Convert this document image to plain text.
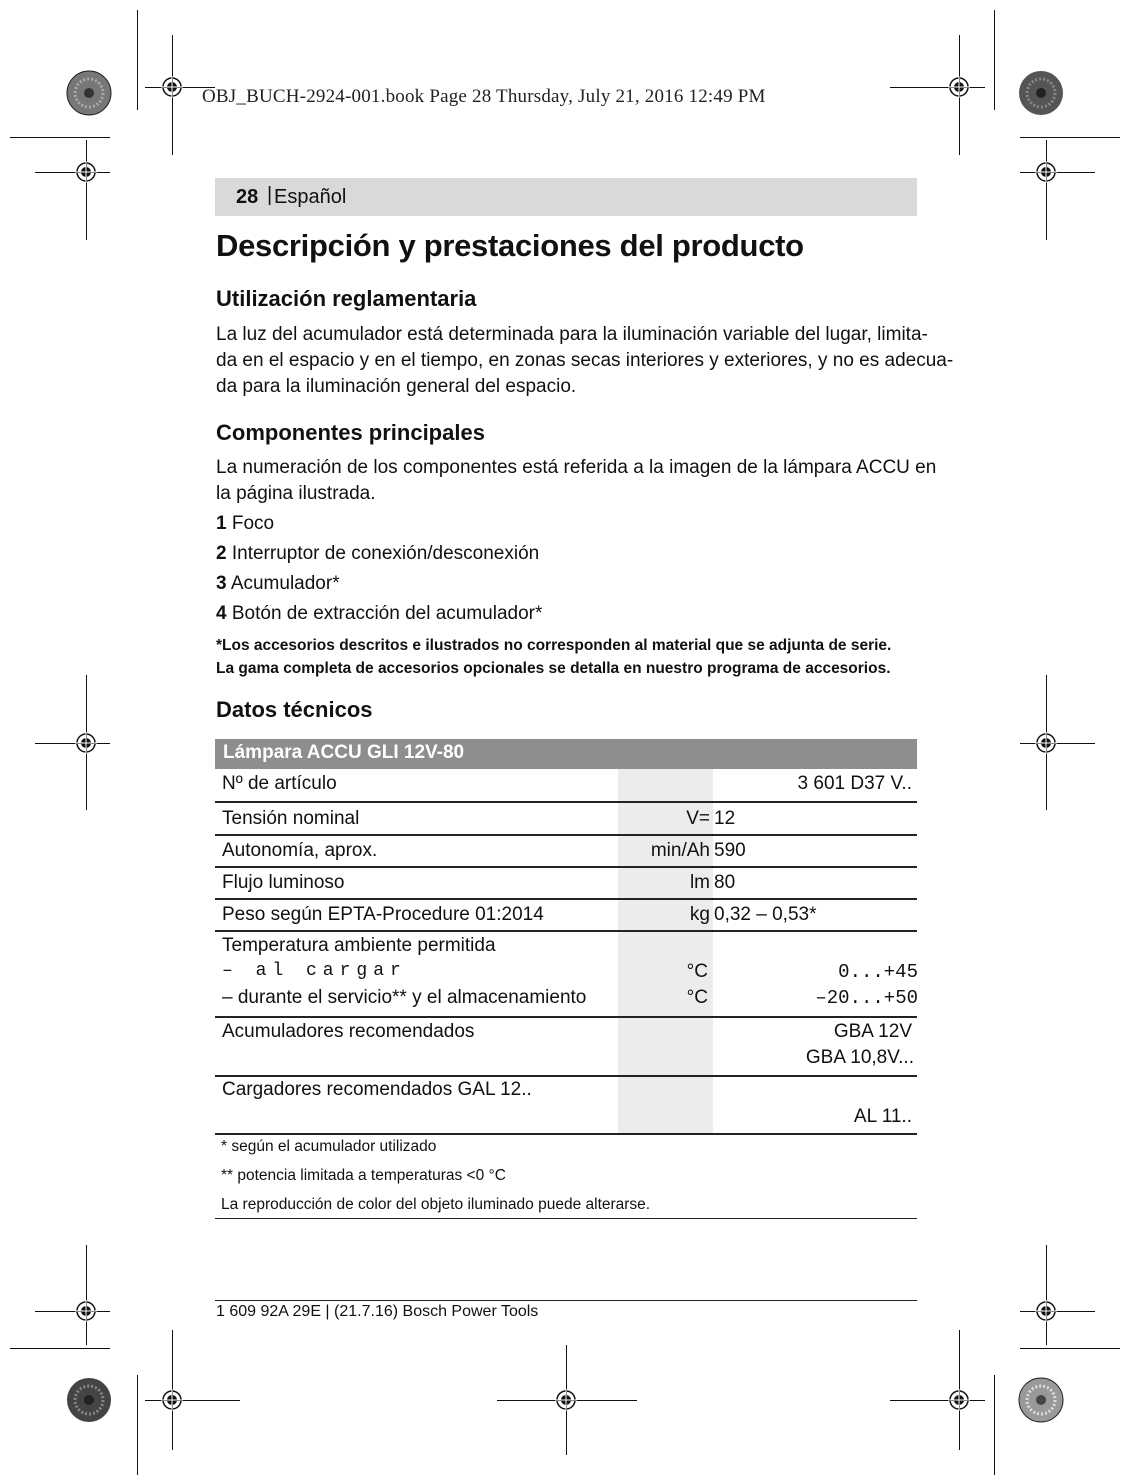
OBJ_BUCH-2924-001.book Page 28 Thursday, July 21, 2016 12:49 PM
28 | Español
Descripción y prestaciones del producto
Utilización reglamentaria
La luz del acumulador está determinada para la iluminación variable del lugar, limita-
da en el espacio y en el tiempo, en zonas secas interiores y exteriores, y no es adecua-
da para la iluminación general del espacio.
Componentes principales
La numeración de los componentes está referida a la imagen de la lámpara ACCU en
la página ilustrada.
1 Foco
2 Interruptor de conexión/desconexión
3 Acumulador*
4 Botón de extracción del acumulador*
*Los accesorios descritos e ilustrados no corresponden al material que se adjunta de serie.
La gama completa de accesorios opcionales se detalla en nuestro programa de accesorios.
Datos técnicos
Lámpara ACCU GLI 12V-80
Nº de artículo	3 601 D37 V..
Tensión nominal	V= 12
Autonomía, aprox.	min/Ah 590
Flujo luminoso	lm 80
Peso según EPTA-Procedure 01:2014	kg 0,32 – 0,53*
Temperatura ambiente permitida
– al cargar	°C	0...+45
– durante el servicio** y el almacenamiento	°C	–20...+50
Acumuladores recomendados	GBA 12V
GBA 10,8V...
Cargadores recomendados GAL 12..
AL 11..
* según el acumulador utilizado
** potencia limitada a temperaturas <0 °C
La reproducción de color del objeto iluminado puede alterarse.
1 609 92A 29E | (21.7.16) Bosch Power Tools
